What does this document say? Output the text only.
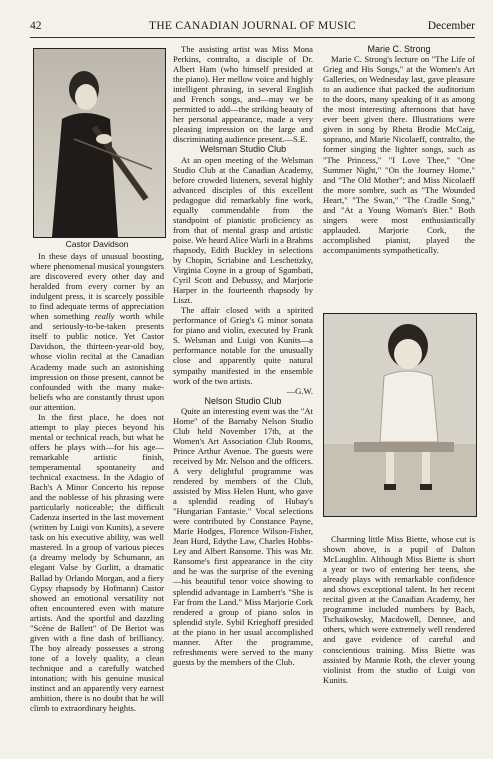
42	THE CANADIAN JOURNAL OF MUSIC	December
Castor Davidson

In these days of unusual boosting, where phenomenal musical youngsters are discovered every other day and heralded from every corner by an indulgent press, it is scarcely possible to find adequate terms of appreciation when something really worth while and seriously-to-be-taken presents itself to public notice. Yet Castor Davidson, the thirteen-year-old boy, whose violin recital at the Canadian Academy made such an astonishing impression on those present, cannot be confounded with the many make-beliefs who are constantly thrust upon our attention.

In the first place, he does not attempt to play pieces beyond his mental or technical reach, but what he offers he plays with—for his age—remarkable artistic finish, temperamental spontaneity and technical exactness. In the Adagio of Bach's A Minor Concerto his repose and the noblesse of his phrasing were particularly noticeable; the difficult Cadenza inserted in the last movement (written by Luigi von Kunits), a severe task on his executive ability, was well mastered. In a group of various pieces (a dreamy melody by Schumann, an elegant Valse by Gurlitt, a dramatic Ballad by Orlando Morgan, and a fiery Gypsy rhapsody by Hofmann) Castor showed an emotional versatility not often encountered even with mature artists. And the sportful and dazzling "Scène de Ballett" of De Beriot was given with a fine dash of brilliancy. The boy already possesses a strong tone of a lovely quality, a clean technique and a carefully watched intonation; with his genuine musical instinct and an apparently very earnest ambition, there is no doubt that he will climb to extraordinary heights.

The assisting artist was Miss Mona Perkins, contralto, a disciple of Dr. Albert Ham (who himself presided at the piano). Her mellow voice and highly intelligent phrasing, in several English and French songs, and—may we be permitted to add—the striking beauty of her personal appearance, made a very pleasing impression on the large and discriminating audience present.—S.E.

Welsman Studio Club

At an open meeting of the Welsman Studio Club at the Canadian Academy, before crowded listeners, several highly advanced disciples of this excellent pedagogue did remarkably fine work, equally commendable from the standpoint of pianistic proficiency as from that of mental grasp and artistic poise. We heard Alice Warli in a Brahms rhapsody, Edith Buckley in selections by Chopin, Scriabine and Leschetizky, Virginia Coyne in a group of Sgambati, Cyril Scott and Debussy, and Marjorie Harper in the fourteenth rhapsody by Liszt.

The affair closed with a spirited performance of Grieg's G minor sonata for piano and violin, executed by Frank S. Welsman and Luigi von Kunits—a performance notable for the unusually close and apparently quite natural sympathy manifested in the ensemble work of the two artists.

—G.W.

Nelson Studio Club

Quite an interesting event was the "At Home" of the Barnaby Nelson Studio Club held November 17th, at the Women's Art Association Club Rooms, Prince Arthur Avenue. The guests were received by Mr. Nelson and the officers. A very delightful programme was rendered by members of the Club, assisted by Miss Helen Hunt, who gave a splendid reading of Hubay's "Hungarian Fantasie." Vocal selections were contributed by Constance Payne, Marie Hodges, Florence Wilson-Fisher, Jean Hurd, Edythe Law, Charles Hobbs-Ley and Albert Ransome. This was Mr. Ransome's first appearance in the city and he was the surprise of the evening—his beautiful tenor voice showing to splendid advantage in Lambert's "She is Far from the Land." Miss Marjorie Cork rendered a group of piano solos in splendid style. Sybil Krieghoff presided at the piano in her usual accomplished manner. After the programme, refreshments were served to the many guests by the members of the Club.

Marie C. Strong

Marie C. Strong's lecture on "The Life of Grieg and His Songs," at the Women's Art Galleries, on Wednesday last, gave pleasure to an audience that packed the auditorium to the doors, many speaking of it as among the most interesting afternoons that have ever been given there. Illustrations were given in song by Rheta Brodie McCaig, soprano, and Marie Nicolaeff, contralto, the former singing the lighter songs, such as "The Princess," "I Love Thee," "One Summer Night," "On the Journey Home," and "The Old Mother"; and Miss Nicolaeff the more sombre, such as "The Wounded Heart," "The Swan," "The Cradle Song," and "At a Young Woman's Bier." Both singers were most enthusiastically applauded. Marjorie Cork, the accomplished pianist, played the accompaniments sympathetically.

Charming little Miss Biette, whose cut is shown above, is a pupil of Dalton McLaughlin. Although Miss Biette is short a year or two of entering her teens, she already plays with remarkable confidence and shows exceptional talent. In her recent recital given at the Canadian Academy, her programme included numbers by Bach, Tschaikowsky, Macdowell, Dennee, and others, which were extremely well rendered and gave evidence of careful and conscientious training. Miss Biette was assisted by Mannie Roth, the clever young violinist from the studio of Luigi von Kunits.
